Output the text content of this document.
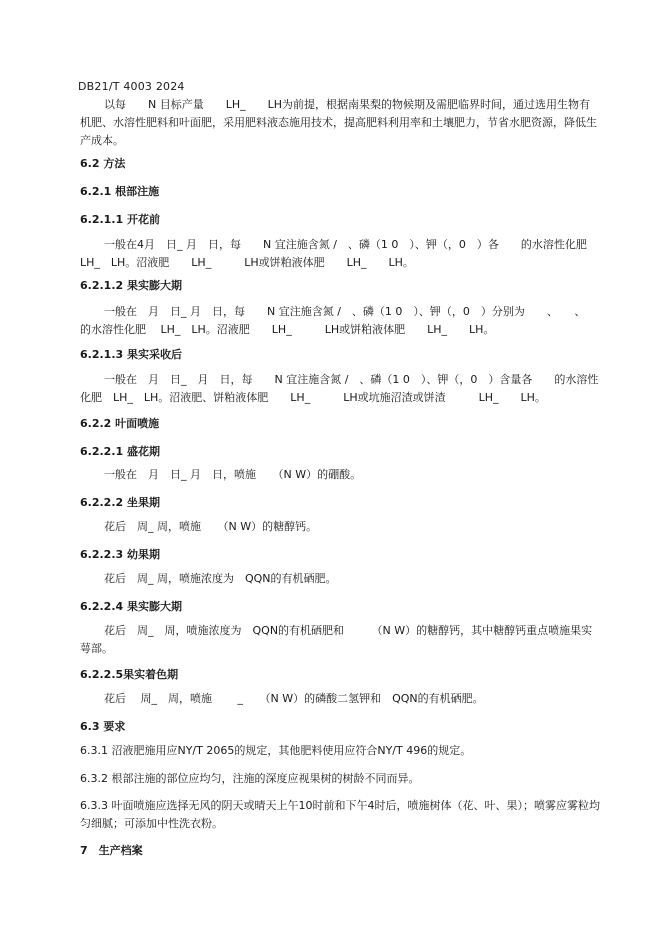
DB21/T 4003 2024

以每　　N 目标产量　　LH_　　LH为前提，根据南果梨的物候期及需肥临界时间，通过选用生物有机肥、水溶性肥料和叶面肥，采用肥料液态施用技术，提高肥料利用率和土壤肥力，节省水肥资源，降低生产成本。

6.2 方法

6.2.1 根部注施

6.2.1.1 开花前

一般在4月　日_ 月　日，每　　N 宜注施含氮 /　、磷（1 0　）、钾（，0　）各　　的水溶性化肥　LH_　LH。沼液肥　　LH_　　　LH或饼粕液体肥　　LH_　　LH。

6.2.1.2 果实膨大期

一般在　月　日_ 月　日，每　　N 宜注施含氮 /　、磷（1 0　）、钾（，0　）分别为　　、　　、　　的水溶性化肥　 LH_　LH。沼液肥　　LH_　　　LH或饼粕液体肥　　LH_　　LH。

6.2.1.3 果实采收后

一般在　月　日_　月　日，每　　N 宜注施含氮 /　、磷（1 0　）、钾（，0　）含量各　　的水溶性化肥　LH_　LH。沼液肥、饼粕液体肥　　LH_　　　LH或坑施沼渣或饼渣　　　LH_　　LH。

6.2.2 叶面喷施

6.2.2.1 盛花期

一般在　月　日_ 月　日，喷施　　（N W）的硼酸。

6.2.2.2 坐果期

花后　周_ 周，喷施　　（N W）的糖醇钙。

6.2.2.3 幼果期

花后　周_ 周，喷施浓度为　QQN的有机硒肥。

6.2.2.4 果实膨大期

花后　周_　周，喷施浓度为　QQN的有机硒肥和　　　（N W）的糖醇钙，其中糖醇钙重点喷施果实萼部。

6.2.2.5果实着色期

花后　 周_　周，喷施　　 _　　（N W）的磷酸二氢钾和　QQN的有机硒肥。

6.3 要求

6.3.1 沼液肥施用应NY/T 2065的规定，其他肥料使用应符合NY/T 496的规定。

6.3.2 根部注施的部位应均匀，注施的深度应视果树的树龄不同而异。

6.3.3 叶面喷施应选择无风的阴天或晴天上午10时前和下午4时后，喷施树体（花、叶、果）；喷雾应雾粒均匀细腻；可添加中性洗衣粉。

7　生产档案
